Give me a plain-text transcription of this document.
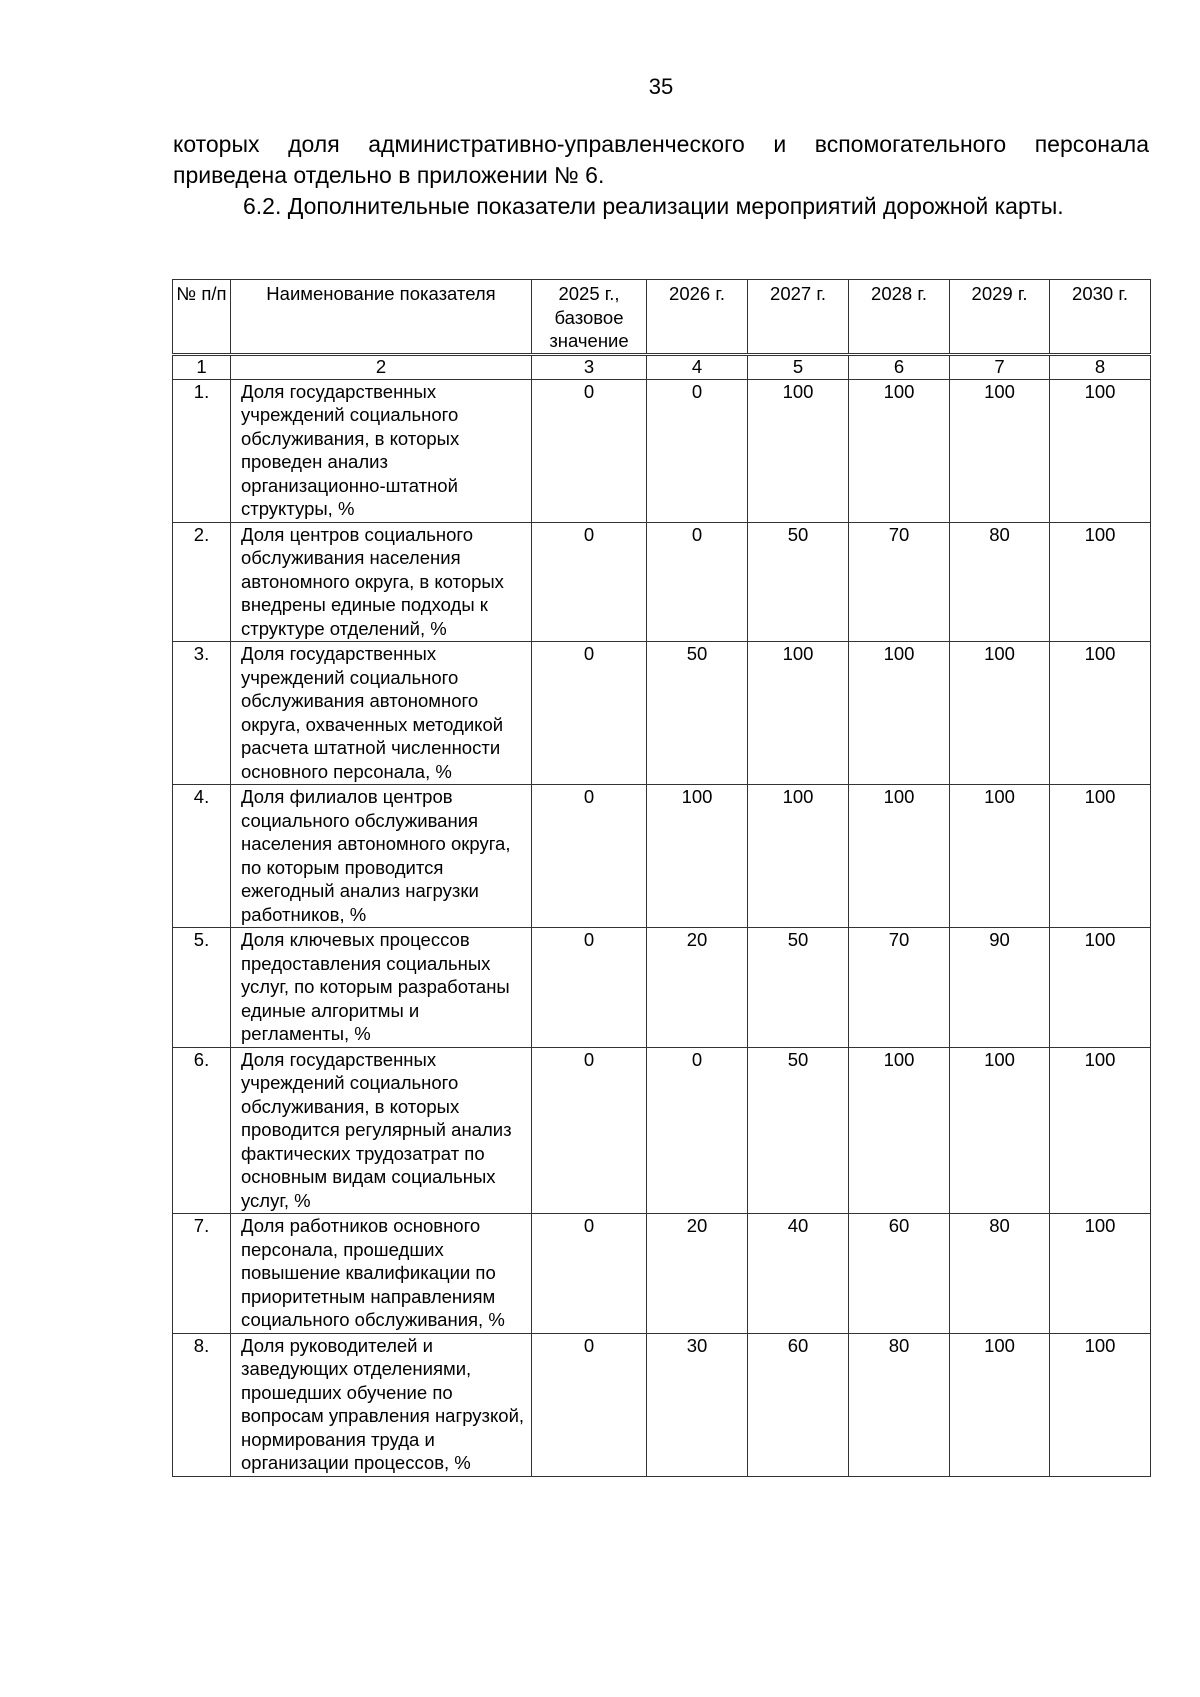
35

которых доля административно-управленческого и вспомогательного персонала приведена отдельно в приложении № 6.

6.2. Дополнительные показатели реализации мероприятий дорожной карты.

№ п/п	Наименование показателя	2025 г., базовое значение	2026 г.	2027 г.	2028 г.	2029 г.	2030 г.
1	2	3	4	5	6	7	8
1.	Доля государственных учреждений социального обслуживания, в которых проведен анализ организационно-штатной структуры, %	0	0	100	100	100	100
2.	Доля центров социального обслуживания населения автономного округа, в которых внедрены единые подходы к структуре отделений, %	0	0	50	70	80	100
3.	Доля государственных учреждений социального обслуживания автономного округа, охваченных методикой расчета штатной численности основного персонала, %	0	50	100	100	100	100
4.	Доля филиалов центров социального обслуживания населения автономного округа, по которым проводится ежегодный анализ нагрузки работников, %	0	100	100	100	100	100
5.	Доля ключевых процессов предоставления социальных услуг, по которым разработаны единые алгоритмы и регламенты, %	0	20	50	70	90	100
6.	Доля государственных учреждений социального обслуживания, в которых проводится регулярный анализ фактических трудозатрат по основным видам социальных услуг, %	0	0	50	100	100	100
7.	Доля работников основного персонала, прошедших повышение квалификации по приоритетным направлениям социального обслуживания, %	0	20	40	60	80	100
8.	Доля руководителей и заведующих отделениями, прошедших обучение по вопросам управления нагрузкой, нормирования труда и организации процессов, %	0	30	60	80	100	100
